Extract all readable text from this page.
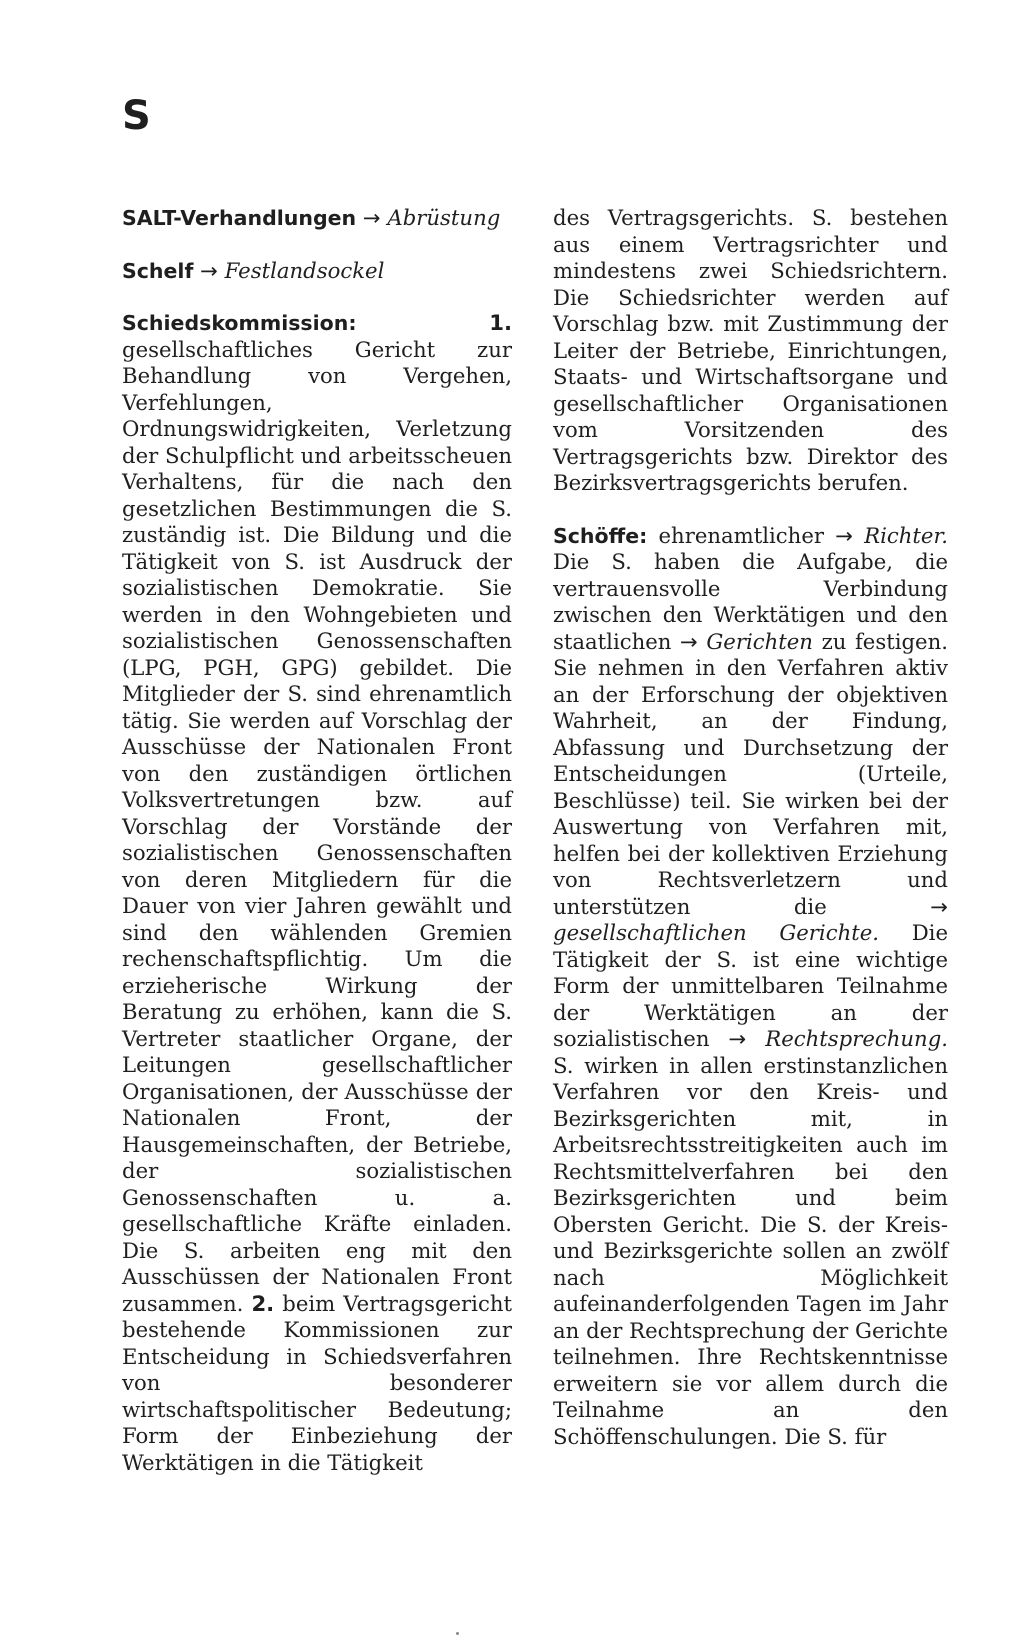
S

SALT-Verhandlungen → Abrüstung

Schelf → Festlandsockel

Schiedskommission:	1. gesellschaftliches Gericht zur Behandlung von Vergehen, Verfehlungen, Ordnungswidrigkeiten, Verletzung der Schulpflicht und arbeitsscheuen Verhaltens, für die nach den gesetzlichen Bestimmungen die S. zuständig ist. Die Bildung und die Tätigkeit von S. ist Ausdruck der sozialistischen Demokratie. Sie werden in den Wohngebieten und sozialistischen Genossenschaften (LPG, PGH, GPG) gebildet. Die Mitglieder der S. sind ehrenamtlich tätig. Sie werden auf Vorschlag der Ausschüsse der Nationalen Front von den zuständigen örtlichen Volksvertretungen bzw. auf Vorschlag der Vorstände der sozialistischen Genossenschaften von deren Mitgliedern für die Dauer von vier Jahren gewählt und sind den wählenden Gremien rechenschaftspflichtig. Um die erzieherische Wirkung der Beratung zu erhöhen, kann die S. Vertreter staatlicher Organe, der Leitungen gesellschaftlicher Organisationen, der Ausschüsse der Nationalen Front, der Hausgemeinschaften, der Betriebe, der sozialistischen Genossenschaften u. a. gesellschaftliche Kräfte einladen. Die S. arbeiten eng mit den Ausschüssen der Nationalen Front zusammen. 2. beim Vertragsgericht bestehende Kommissionen zur Entscheidung in Schiedsverfahren von besonderer wirtschaftspolitischer Bedeutung; Form der Einbeziehung der Werktätigen in die Tätigkeit

des Vertragsgerichts. S. bestehen aus einem Vertragsrichter und mindestens zwei Schiedsrichtern. Die Schiedsrichter werden auf Vorschlag bzw. mit Zustimmung der Leiter der Betriebe, Einrichtungen, Staats- und Wirtschaftsorgane und gesellschaftlicher Organisationen vom Vorsitzenden des Vertragsgerichts bzw. Direktor des Bezirksvertragsgerichts berufen.

Schöffe: ehrenamtlicher → Richter. Die S. haben die Aufgabe, die vertrauensvolle Verbindung zwischen den Werktätigen und den staatlichen → Gerichten zu festigen. Sie nehmen in den Verfahren aktiv an der Erforschung der objektiven Wahrheit, an der Findung, Abfassung und Durchsetzung der Entscheidungen (Urteile, Beschlüsse) teil. Sie wirken bei der Auswertung von Verfahren mit, helfen bei der kollektiven Erziehung von Rechtsverletzern und unterstützen die	→ gesellschaftlichen Gerichte. Die Tätigkeit der S. ist eine wichtige Form der unmittelbaren Teilnahme der Werktätigen an der sozialistischen → Rechtsprechung. S. wirken in allen erstinstanzlichen Verfahren vor den Kreis- und Bezirksgerichten mit, in Arbeitsrechtsstreitigkeiten auch im Rechtsmittelverfahren bei den Bezirksgerichten und beim Obersten Gericht. Die S. der Kreis- und Bezirksgerichte sollen an zwölf nach Möglichkeit aufeinanderfolgenden Tagen im Jahr an der Rechtsprechung der Gerichte teilnehmen. Ihre Rechtskenntnisse erweitern sie vor allem durch die Teilnahme an den Schöffenschulungen. Die S. für
